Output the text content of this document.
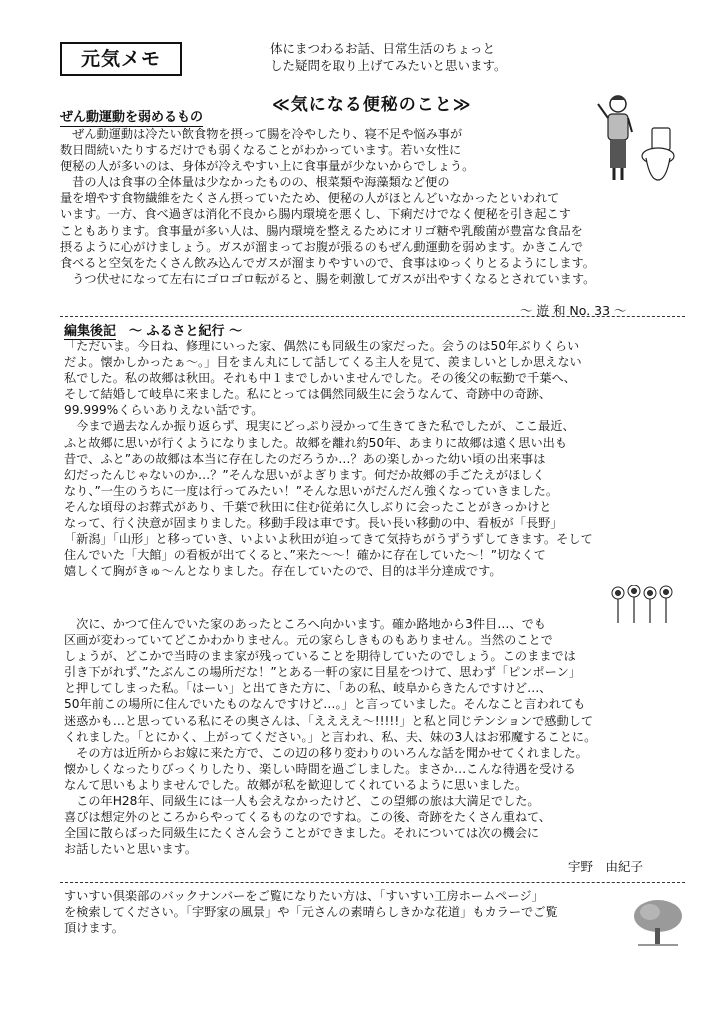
元気メモ	体にまつわるお話、日常生活のちょっと
した疑問を取り上げてみたいと思います。
≪気になる便秘のこと≫
ぜん動運動を弱めるもの
　ぜん動運動は冷たい飲食物を摂って腸を冷やしたり、寝不足や悩み事が
数日間続いたりするだけでも弱くなることがわかっています。若い女性に
便秘の人が多いのは、身体が冷えやすい上に食事量が少ないからでしょう。
　昔の人は食事の全体量は少なかったものの、根菜類や海藻類など便の
量を増やす食物繊維をたくさん摂っていたため、便秘の人がほとんどいなかったといわれて
います。一方、食べ過ぎは消化不良から腸内環境を悪くし、下痢だけでなく便秘を引き起こす
こともあります。食事量が多い人は、腸内環境を整えるためにオリゴ糖や乳酸菌が豊富な食品を
摂るように心がけましょう。ガスが溜まってお腹が張るのもぜん動運動を弱めます。かきこんで
食べると空気をたくさん飲み込んでガスが溜まりやすいので、食事はゆっくりとるようにします。
　うつ伏せになって左右にゴロゴロ転がると、腸を刺激してガスが出やすくなるとされています。
～ 遊 和 No. 33 ～
編集後記　～ ふるさと紀行 ～
「ただいま。今日ね、修理にいった家、偶然にも同級生の家だった。会うのは50年ぶりくらい
だよ。懐かしかったぁ～。」目をまん丸にして話してくる主人を見て、羨ましいとしか思えない
私でした。私の故郷は秋田。それも中１までしかいませんでした。その後父の転勤で千葉へ、
そして結婚して岐阜に来ました。私にとっては偶然同級生に会うなんて、奇跡中の奇跡、
99.999%くらいありえない話です。
　今まで過去なんか振り返らず、現実にどっぷり浸かって生きてきた私でしたが、ここ最近、
ふと故郷に思いが行くようになりました。故郷を離れ約50年、あまりに故郷は遠く思い出も
昔で、ふと”あの故郷は本当に存在したのだろうか…？あの楽しかった幼い頃の出来事は
幻だったんじゃないのか…？”そんな思いがよぎります。何だか故郷の手ごたえがほしく
なり、”一生のうちに一度は行ってみたい！”そんな思いがだんだん強くなっていきました。
そんな頃母のお葬式があり、千葉で秋田に住む従弟に久しぶりに会ったことがきっかけと
なって、行く決意が固まりました。移動手段は車です。長い長い移動の中、看板が「長野」
「新潟」「山形」と移っていき、いよいよ秋田が迫ってきて気持ちがうずうずしてきます。そして
住んでいた「大館」の看板が出てくると、”来た～～！確かに存在していた～！”切なくて
嬉しくて胸がきゅ～んとなりました。存在していたので、目的は半分達成です。
　次に、かつて住んでいた家のあったところへ向かいます。確か路地から3件目…、でも
区画が変わっていてどこかわかりません。元の家らしきものもありません。当然のことで
しょうが、どこかで当時のまま家が残っていることを期待していたのでしょう。このままでは
引き下がれず、”たぶんこの場所だな！”とある一軒の家に目星をつけて、思わず「ピンポーン」
と押してしまった私。「はーい」と出てきた方に、「あの私、岐阜からきたんですけど…、
50年前この場所に住んでいたものなんですけど…。」と言っていました。そんなこと言われても
迷惑かも…と思っている私にその奥さんは、「ええええ～!!!!!」と私と同じテンションで感動して
くれました。「とにかく、上がってください。」と言われ、私、夫、妹の3人はお邪魔することに。
　その方は近所からお嫁に来た方で、この辺の移り変わりのいろんな話を聞かせてくれました。
懐かしくなったりびっくりしたり、楽しい時間を過ごしました。まさか…こんな待遇を受ける
なんて思いもよりませんでした。故郷が私を歓迎してくれているように思いました。
　この年H28年、同級生には一人も会えなかったけど、この望郷の旅は大満足でした。
喜びは想定外のところからやってくるものなのですね。この後、奇跡をたくさん重ねて、
全国に散らばった同級生にたくさん会うことができました。それについては次の機会に
お話したいと思います。
宇野　由紀子
すいすい倶楽部のバックナンバーをご覧になりたい方は、「すいすい工房ホームページ」
を検索してください。「宇野家の風景」や「元さんの素晴らしきかな花道」もカラーでご覧
頂けます。
